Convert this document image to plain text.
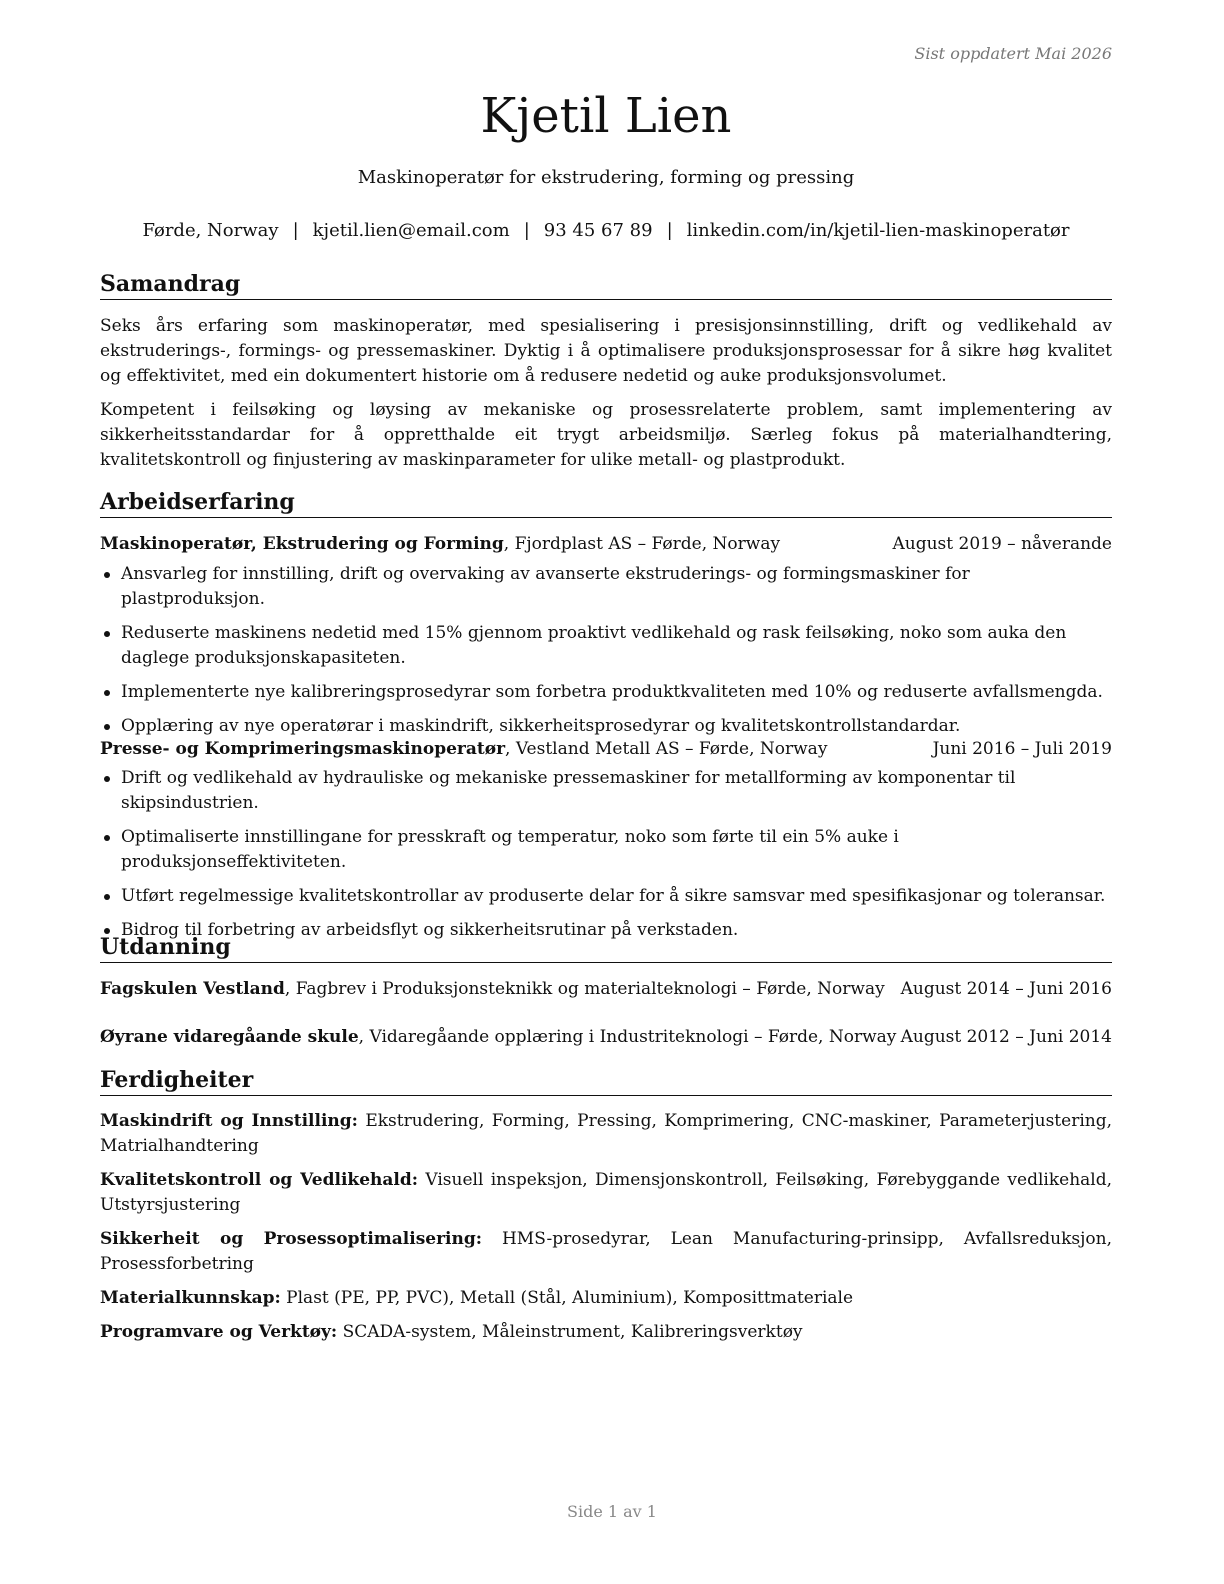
Sist oppdatert Mai 2026
Kjetil Lien
Maskinoperatør for ekstrudering, forming og pressing
Førde, Norway | kjetil.lien@email.com | 93 45 67 89 | linkedin.com/in/kjetil-lien-maskinoperatør
Samandrag
Seks års erfaring som maskinoperatør, med spesialisering i presisjonsinnstilling, drift og vedlikehald av ekstruderings-, formings- og pressemaskiner. Dyktig i å optimalisere produksjonsprosessar for å sikre høg kvalitet og effektivitet, med ein dokumentert historie om å redusere nedetid og auke produksjonsvolumet.
Kompetent i feilsøking og løysing av mekaniske og prosessrelaterte problem, samt implementering av sikkerheitsstandardar for å oppretthalde eit trygt arbeidsmiljø. Særleg fokus på materialhandtering, kvalitetskontroll og finjustering av maskinparameter for ulike metall- og plastprodukt.
Arbeidserfaring
Maskinoperatør, Ekstrudering og Forming, Fjordplast AS – Førde, Norway	August 2019 – nåverande
Ansvarleg for innstilling, drift og overvaking av avanserte ekstruderings- og formingsmaskiner for plastproduksjon.
Reduserte maskinens nedetid med 15% gjennom proaktivt vedlikehald og rask feilsøking, noko som auka den daglege produksjonskapasiteten.
Implementerte nye kalibreringsprosedyrar som forbetra produktkvaliteten med 10% og reduserte avfallsmengda.
Opplæring av nye operatørar i maskindrift, sikkerheitsprosedyrar og kvalitetskontrollstandardar.
Presse- og Komprimeringsmaskinoperatør, Vestland Metall AS – Førde, Norway	Juni 2016 – Juli 2019
Drift og vedlikehald av hydrauliske og mekaniske pressemaskiner for metallforming av komponentar til skipsindustrien.
Optimaliserte innstillingane for presskraft og temperatur, noko som førte til ein 5% auke i produksjonseffektiviteten.
Utført regelmessige kvalitetskontrollar av produserte delar for å sikre samsvar med spesifikasjonar og toleransar.
Bidrog til forbetring av arbeidsflyt og sikkerheitsrutinar på verkstaden.
Utdanning
Fagskulen Vestland, Fagbrev i Produksjonsteknikk og materialteknologi – Førde, Norway August 2014 – Juni 2016
Øyrane vidaregåande skule, Vidaregåande opplæring i Industriteknologi – Førde, Norway August 2012 – Juni 2014
Ferdigheiter
Maskindrift og Innstilling: Ekstrudering, Forming, Pressing, Komprimering, CNC-maskiner, Parameterjustering, Matrialhandtering
Kvalitetskontroll og Vedlikehald: Visuell inspeksjon, Dimensjonskontroll, Feilsøking, Førebyggande vedlikehald, Utstyrsjustering
Sikkerheit og Prosessoptimalisering: HMS-prosedyrar, Lean Manufacturing-prinsipp, Avfallsreduksjon, Prosessforbetring
Materialkunnskap: Plast (PE, PP, PVC), Metall (Stål, Aluminium), Komposittmateriale
Programvare og Verktøy: SCADA-system, Måleinstrument, Kalibreringsverktøy
Side 1 av 1
